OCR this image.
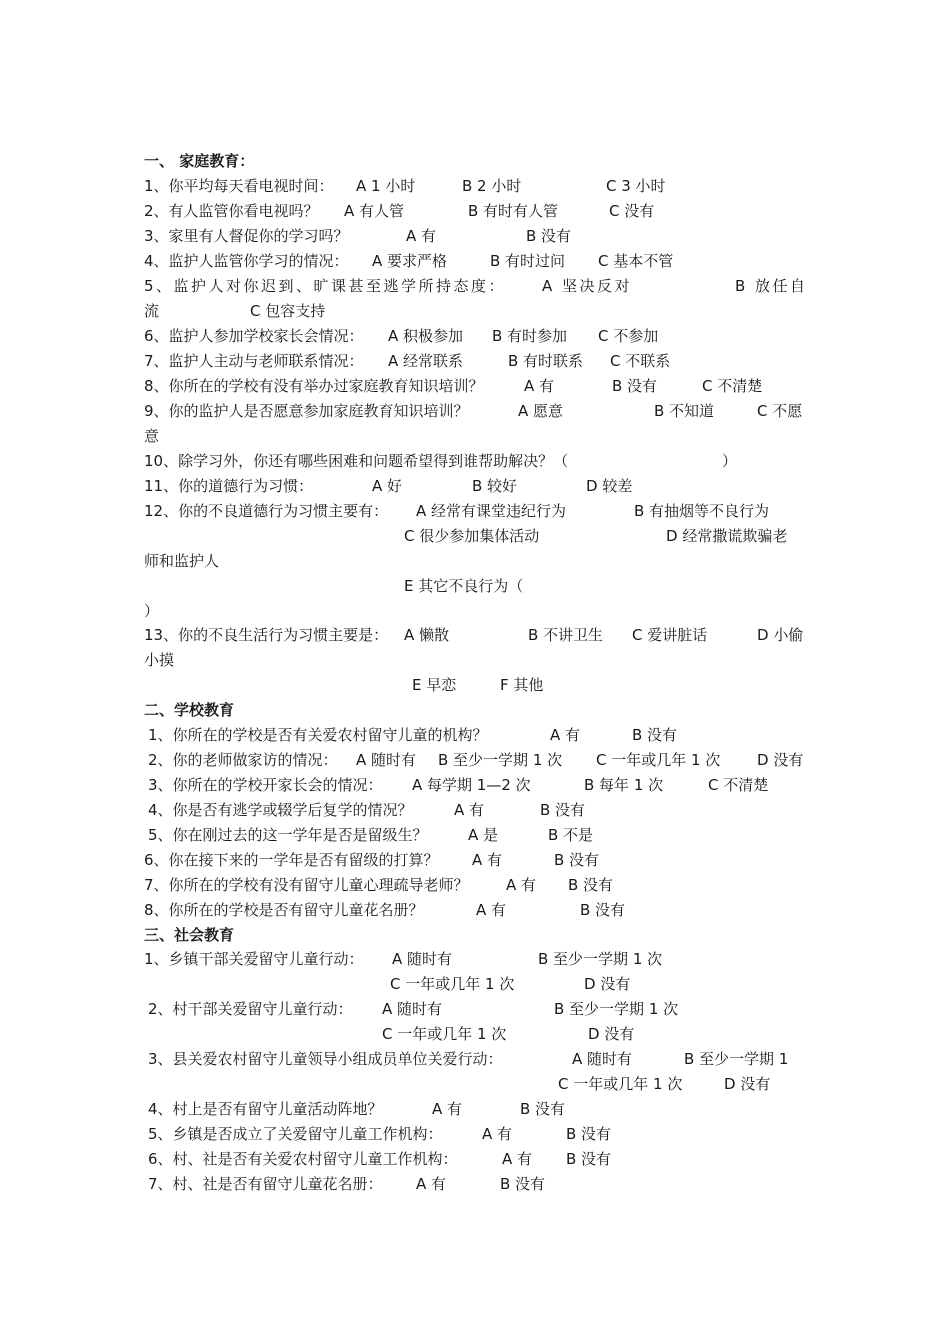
一、 家庭教育：
1、你平均每天看电视时间： A 1 小时	B 2 小时	C 3 小时
2、有人监管你看电视吗？ A 有人管	B 有时有人管	C 没有
3、家里有人督促你的学习吗？	A 有	B 没有
4、监护人监管你学习的情况： A 要求严格	B 有时过问 C 基本不管
5、监护人对你迟到、旷课甚至逃学所持态度： A 坚决反对	B 放任自
流	C 包容支持
6、监护人参加学校家长会情况： A 积极参加 B 有时参加 C 不参加
7、监护人主动与老师联系情况： A 经常联系	B 有时联系 C 不联系
8、你所在的学校有没有举办过家庭教育知识培训？	A 有	B 没有	C 不清楚
9、你的监护人是否愿意参加家庭教育知识培训？	A 愿意	B 不知道	C 不愿
意
10、除学习外，你还有哪些困难和问题希望得到谁帮助解决？（	）
11、你的道德行为习惯：	A 好	B 较好	D 较差
12、你的不良道德行为习惯主要有： A 经常有课堂违纪行为	B 有抽烟等不良行为
C 很少参加集体活动	D 经常撒谎欺骗老
师和监护人
E 其它不良行为（
）
13、你的不良生活行为习惯主要是： A 懒散	B 不讲卫生 C 爱讲脏话	D 小偷
小摸
E 早恋	F 其他
二、学校教育
1、你所在的学校是否有关爱农村留守儿童的机构？	A 有	B 没有
2、你的老师做家访的情况： A 随时有 B 至少一学期 1 次 C 一年或几年 1 次 D 没有
3、你所在的学校开家长会的情况： A 每学期 1—2 次	B 每年 1 次	C 不清楚
4、你是否有逃学或辍学后复学的情况？	A 有	B 没有
5、你在刚过去的这一学年是否是留级生？	A 是	B 不是
6、你在接下来的一学年是否有留级的打算？ A 有	B 没有
7、你所在的学校有没有留守儿童心理疏导老师？ A 有 B 没有
8、你所在的学校是否有留守儿童花名册？	A 有	B 没有
三、社会教育
1、乡镇干部关爱留守儿童行动： A 随时有	B 至少一学期 1 次
C 一年或几年 1 次	D 没有
2、村干部关爱留守儿童行动： A 随时有	B 至少一学期 1 次
C 一年或几年 1 次	D 没有
3、县关爱农村留守儿童领导小组成员单位关爱行动：	A 随时有	B 至少一学期 1
C 一年或几年 1 次	D 没有
4、村上是否有留守儿童活动阵地？	A 有	B 没有
5、乡镇是否成立了关爱留守儿童工作机构：	A 有	B 没有
6、村、社是否有关爱农村留守儿童工作机构：	A 有 B 没有
7、村、社是否有留守儿童花名册： A 有	B 没有
